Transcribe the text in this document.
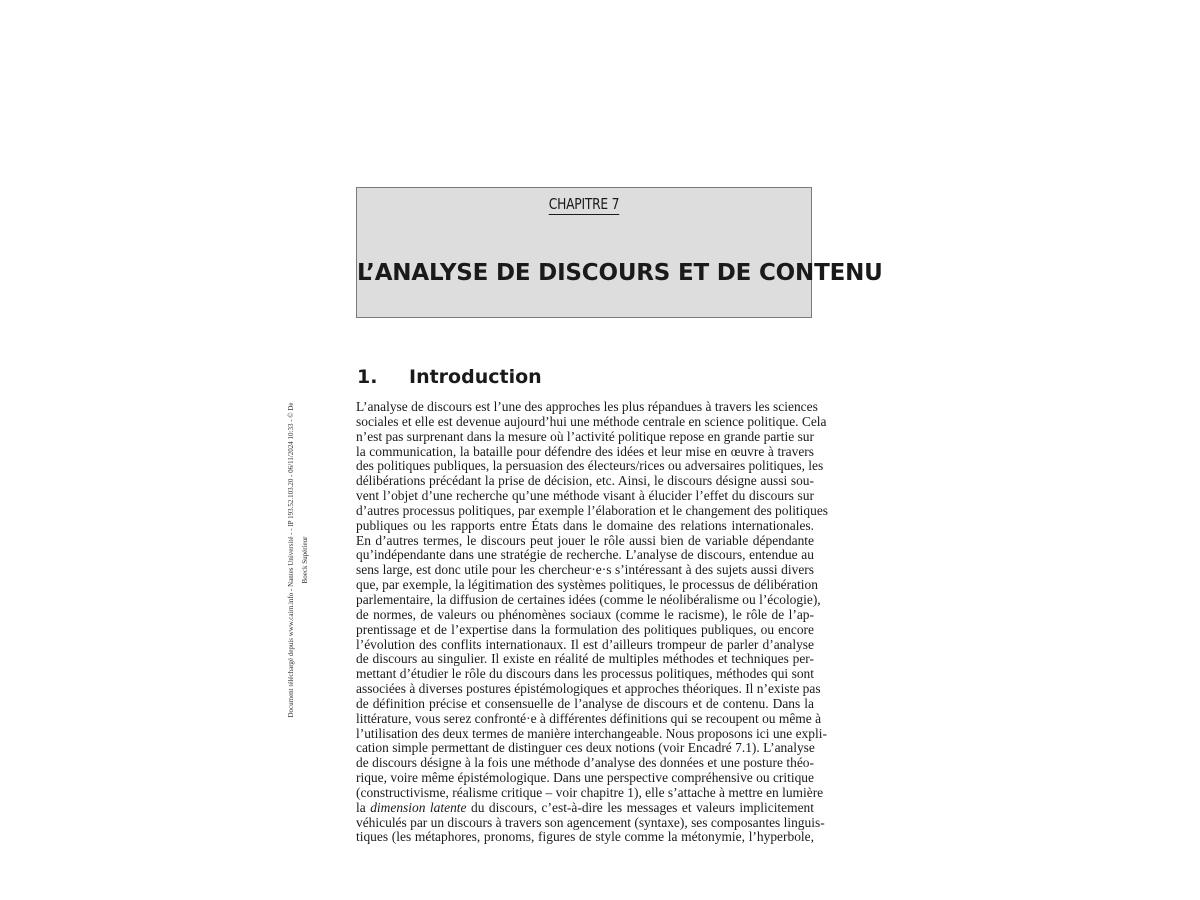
Document téléchargé depuis www.cairn.info - Nantes Université - - IP 193.52.103.20 - 06/11/2024 10:33 - © De Boeck Supérieur
CHAPITRE 7
L’ANALYSE DE DISCOURS ET DE CONTENU
1. Introduction
L’analyse de discours est l’une des approches les plus répandues à travers les sciences
sociales et elle est devenue aujourd’hui une méthode centrale en science politique. Cela
n’est pas surprenant dans la mesure où l’activité politique repose en grande partie sur
la communication, la bataille pour défendre des idées et leur mise en œuvre à travers
des politiques publiques, la persuasion des électeurs/rices ou adversaires politiques, les
délibérations précédant la prise de décision, etc. Ainsi, le discours désigne aussi sou-
vent l’objet d’une recherche qu’une méthode visant à élucider l’effet du discours sur
d’autres processus politiques, par exemple l’élaboration et le changement des politiques
publiques ou les rapports entre États dans le domaine des relations internationales.
En d’autres termes, le discours peut jouer le rôle aussi bien de variable dépendante
qu’indépendante dans une stratégie de recherche. L’analyse de discours, entendue au
sens large, est donc utile pour les chercheur·e·s s’intéressant à des sujets aussi divers
que, par exemple, la légitimation des systèmes politiques, le processus de délibération
parlementaire, la diffusion de certaines idées (comme le néolibéralisme ou l’écologie),
de normes, de valeurs ou phénomènes sociaux (comme le racisme), le rôle de l’ap-
prentissage et de l’expertise dans la formulation des politiques publiques, ou encore
l’évolution des conflits internationaux. Il est d’ailleurs trompeur de parler d’analyse
de discours au singulier. Il existe en réalité de multiples méthodes et techniques per-
mettant d’étudier le rôle du discours dans les processus politiques, méthodes qui sont
associées à diverses postures épistémologiques et approches théoriques. Il n’existe pas
de définition précise et consensuelle de l’analyse de discours et de contenu. Dans la
littérature, vous serez confronté·e à différentes définitions qui se recoupent ou même à
l’utilisation des deux termes de manière interchangeable. Nous proposons ici une expli-
cation simple permettant de distinguer ces deux notions (voir Encadré 7.1). L’analyse
de discours désigne à la fois une méthode d’analyse des données et une posture théo-
rique, voire même épistémologique. Dans une perspective compréhensive ou critique
(constructivisme, réalisme critique – voir chapitre 1), elle s’attache à mettre en lumière
la dimension latente du discours, c’est-à-dire les messages et valeurs implicitement
véhiculés par un discours à travers son agencement (syntaxe), ses composantes linguis-
tiques (les métaphores, pronoms, figures de style comme la métonymie, l’hyperbole,
